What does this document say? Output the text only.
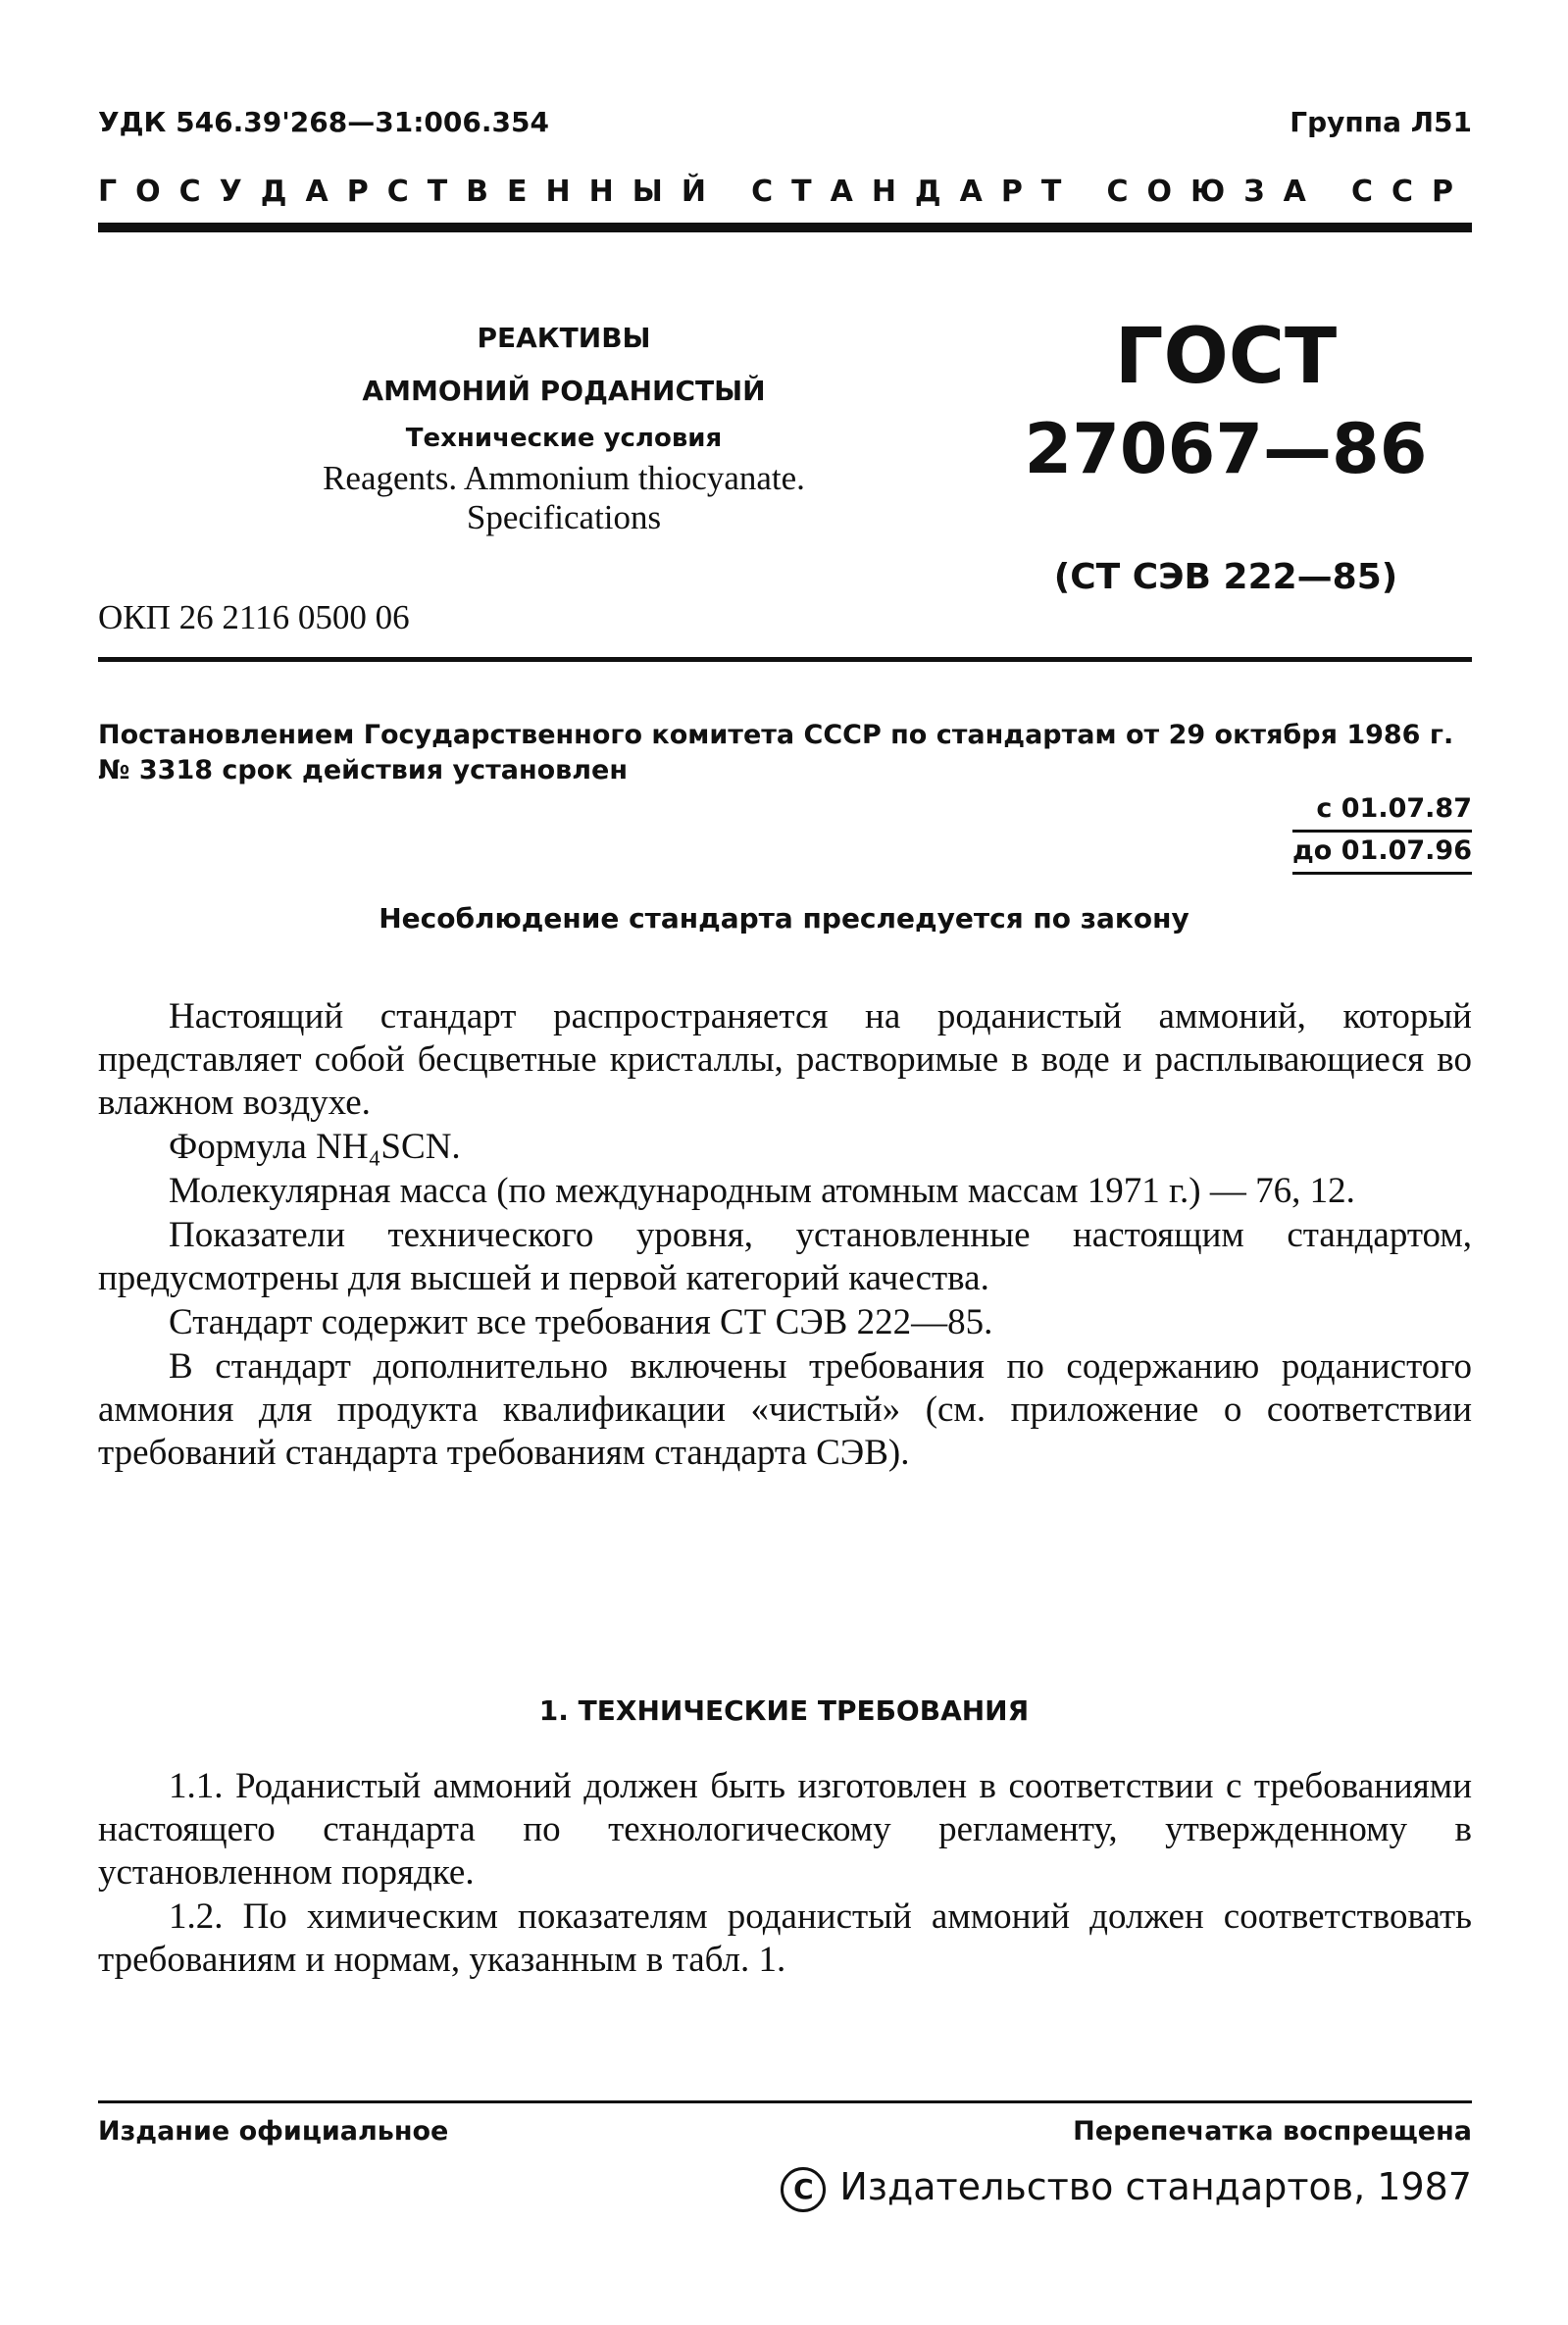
УДК 546.39'268—31:006.354	Группа Л51
ГОСУДАРСТВЕННЫЙ СТАНДАРТ СОЮЗА ССР
РЕАКТИВЫ
АММОНИЙ РОДАНИСТЫЙ
Технические условия
Reagents. Ammonium thiocyanate.
Specifications
ГОСТ
27067—86
(СТ СЭВ 222—85)
ОКП 26 2116 0500 06
Постановлением Государственного комитета СССР по стандартам от 29 октября 1986 г. № 3318 срок действия установлен
с 01.07.87
до 01.07.96
Несоблюдение стандарта преследуется по закону

Настоящий стандарт распространяется на роданистый аммоний, который представляет собой бесцветные кристаллы, растворимые в воде и расплывающиеся во влажном воздухе.

Формула NH₄SCN.

Молекулярная масса (по международным атомным массам 1971 г.) — 76, 12.

Показатели технического уровня, установленные настоящим стандартом, предусмотрены для высшей и первой категорий качества.

Стандарт содержит все требования СТ СЭВ 222—85.

В стандарт дополнительно включены требования по содержанию роданистого аммония для продукта квалификации «чистый» (см. приложение о соответствии требований стандарта требованиям стандарта СЭВ).

1. ТЕХНИЧЕСКИЕ ТРЕБОВАНИЯ

1.1. Роданистый аммоний должен быть изготовлен в соответствии с требованиями настоящего стандарта по технологическому регламенту, утвержденному в установленном порядке.

1.2. По химическим показателям роданистый аммоний должен соответствовать требованиям и нормам, указанным в табл. 1.

Издание официальное	Перепечатка воспрещена
C Издательство стандартов, 1987
